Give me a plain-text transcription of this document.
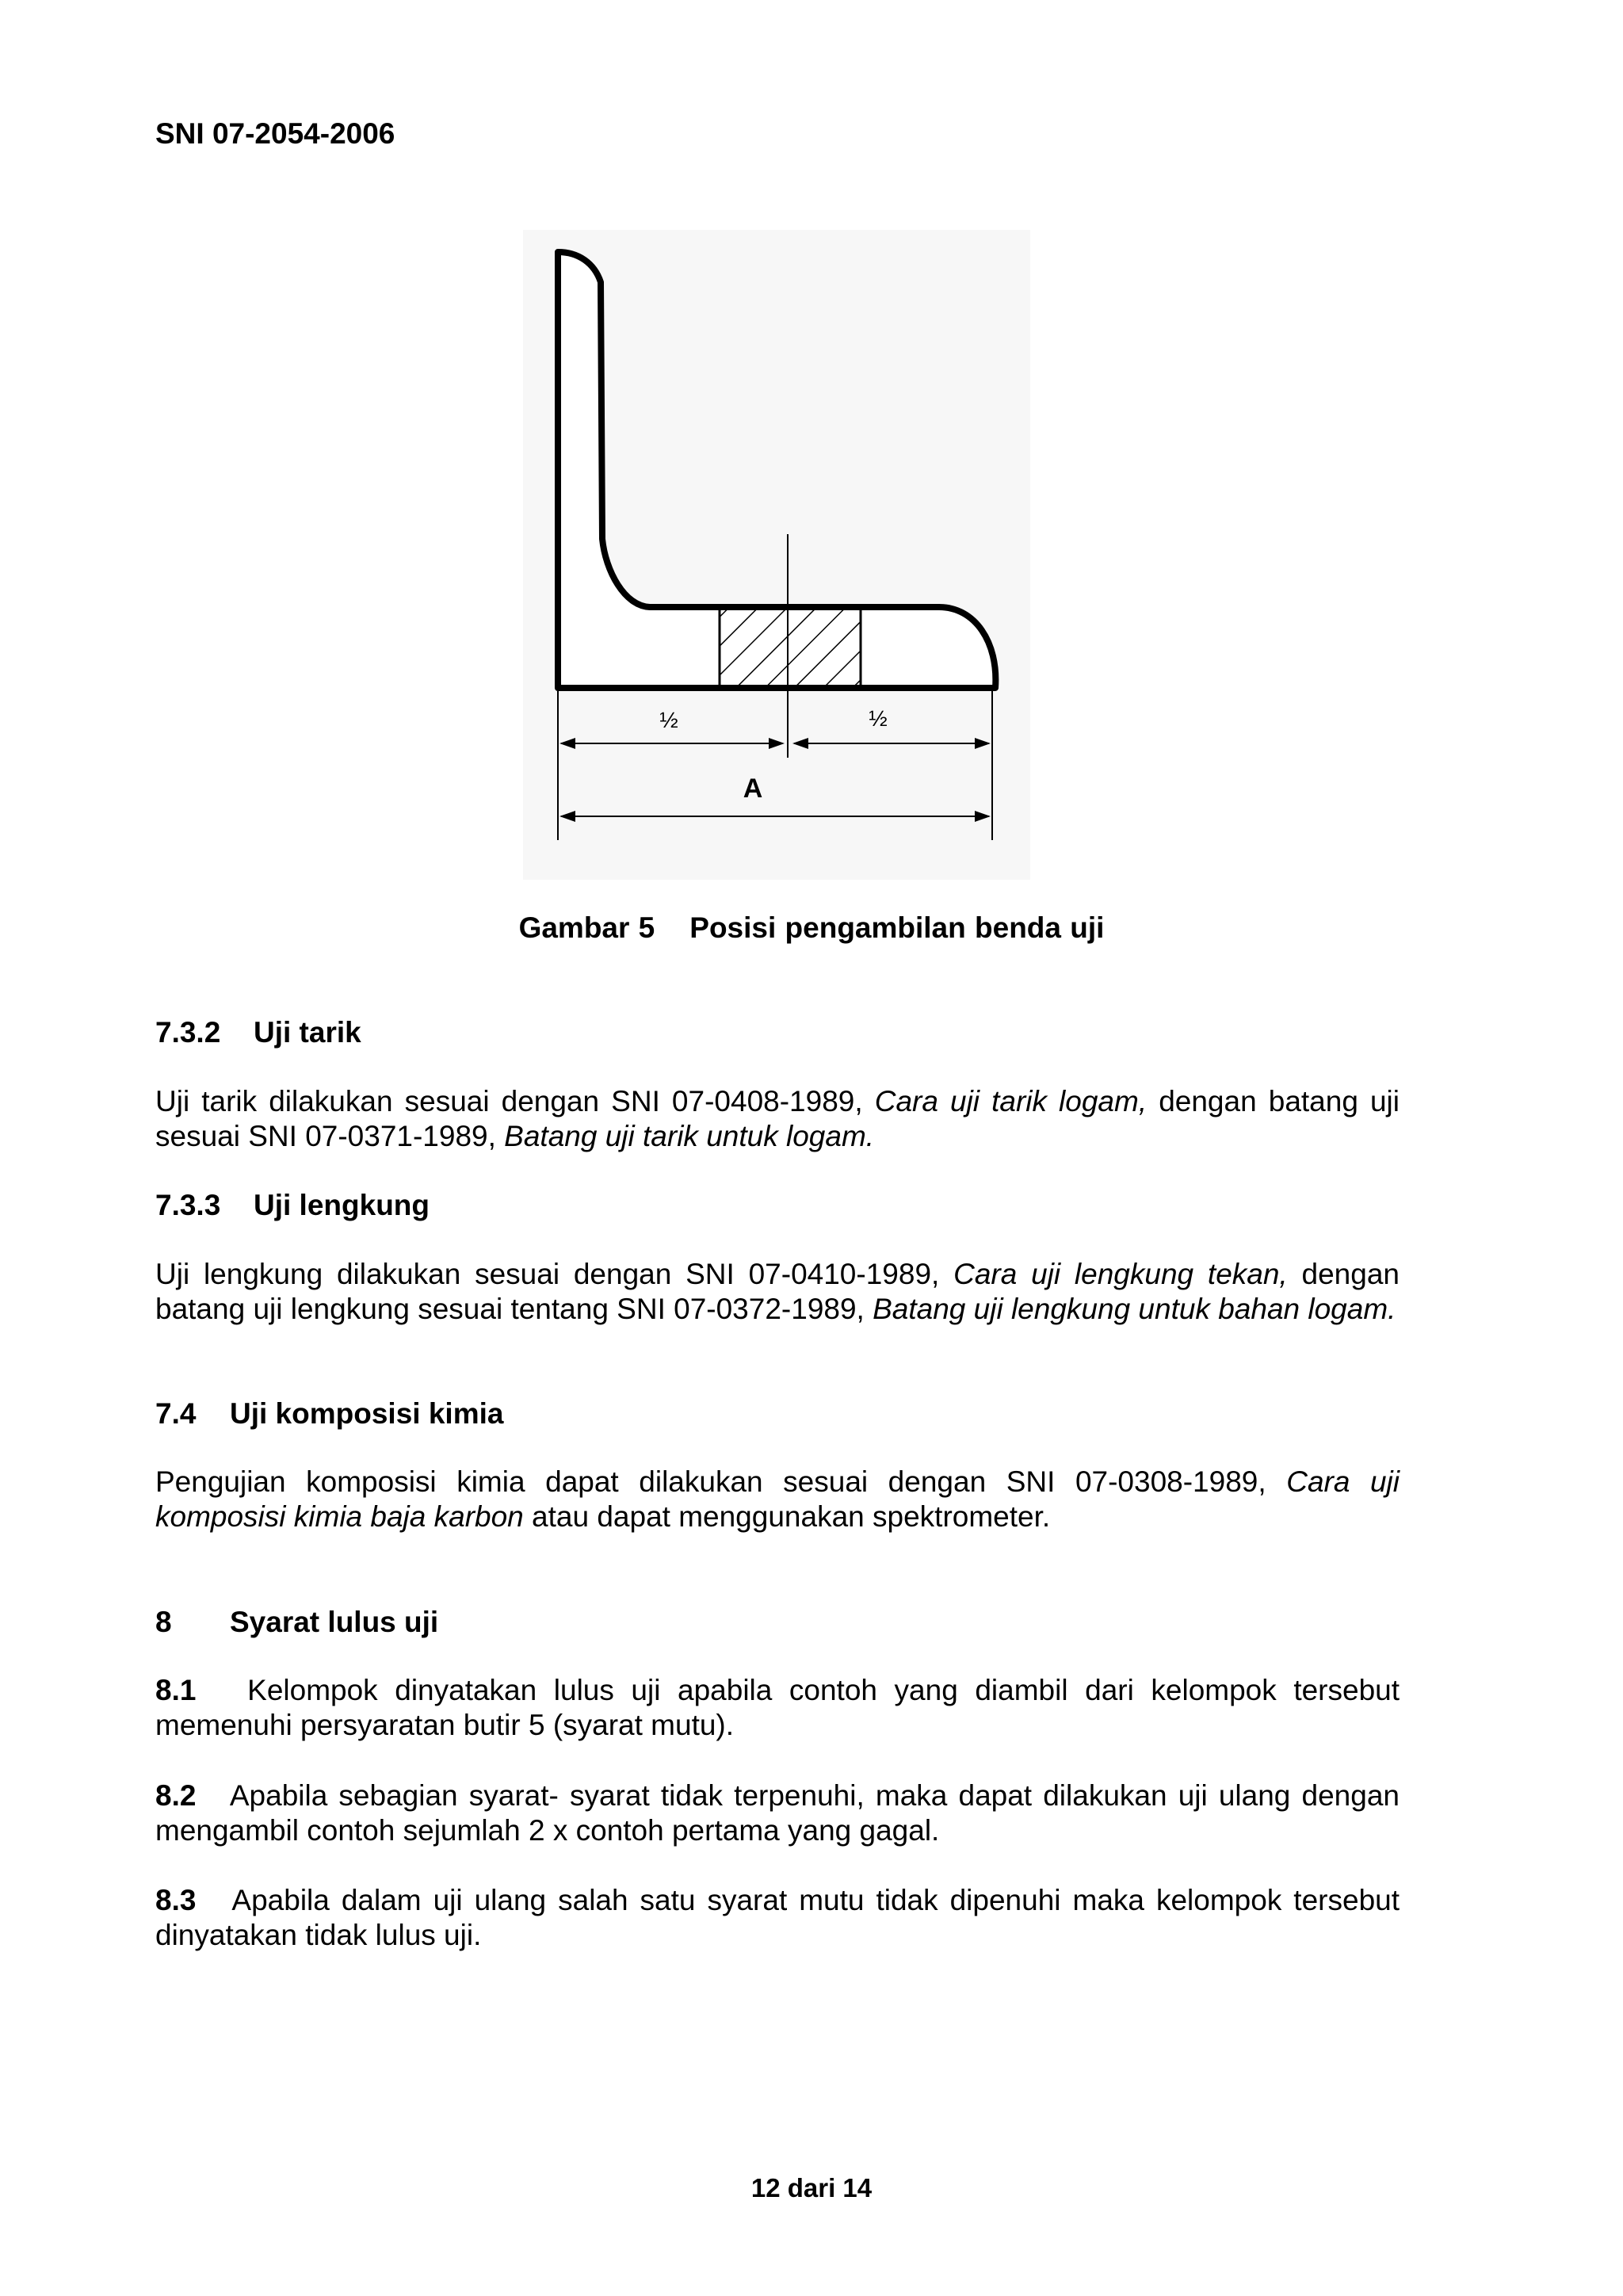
SNI 07-2054-2006
½	½
A
Gambar 5 Posisi pengambilan benda uji
7.3.2 Uji tarik
Uji tarik dilakukan sesuai dengan SNI 07-0408-1989, Cara uji tarik logam, dengan batang uji sesuai SNI 07-0371-1989, Batang uji tarik untuk logam.
7.3.3 Uji lengkung
Uji lengkung dilakukan sesuai dengan SNI 07-0410-1989, Cara uji lengkung tekan, dengan batang uji lengkung sesuai tentang SNI 07-0372-1989, Batang uji lengkung untuk bahan logam.
7.4 Uji komposisi kimia
Pengujian komposisi kimia dapat dilakukan sesuai dengan SNI 07-0308-1989, Cara uji komposisi kimia baja karbon atau dapat menggunakan spektrometer.
8 Syarat lulus uji
8.1 Kelompok dinyatakan lulus uji apabila contoh yang diambil dari kelompok tersebut memenuhi persyaratan butir 5 (syarat mutu).
8.2 Apabila sebagian syarat- syarat tidak terpenuhi, maka dapat dilakukan uji ulang dengan mengambil contoh sejumlah 2 x contoh pertama yang gagal.
8.3 Apabila dalam uji ulang salah satu syarat mutu tidak dipenuhi maka kelompok tersebut dinyatakan tidak lulus uji.
12 dari 14
